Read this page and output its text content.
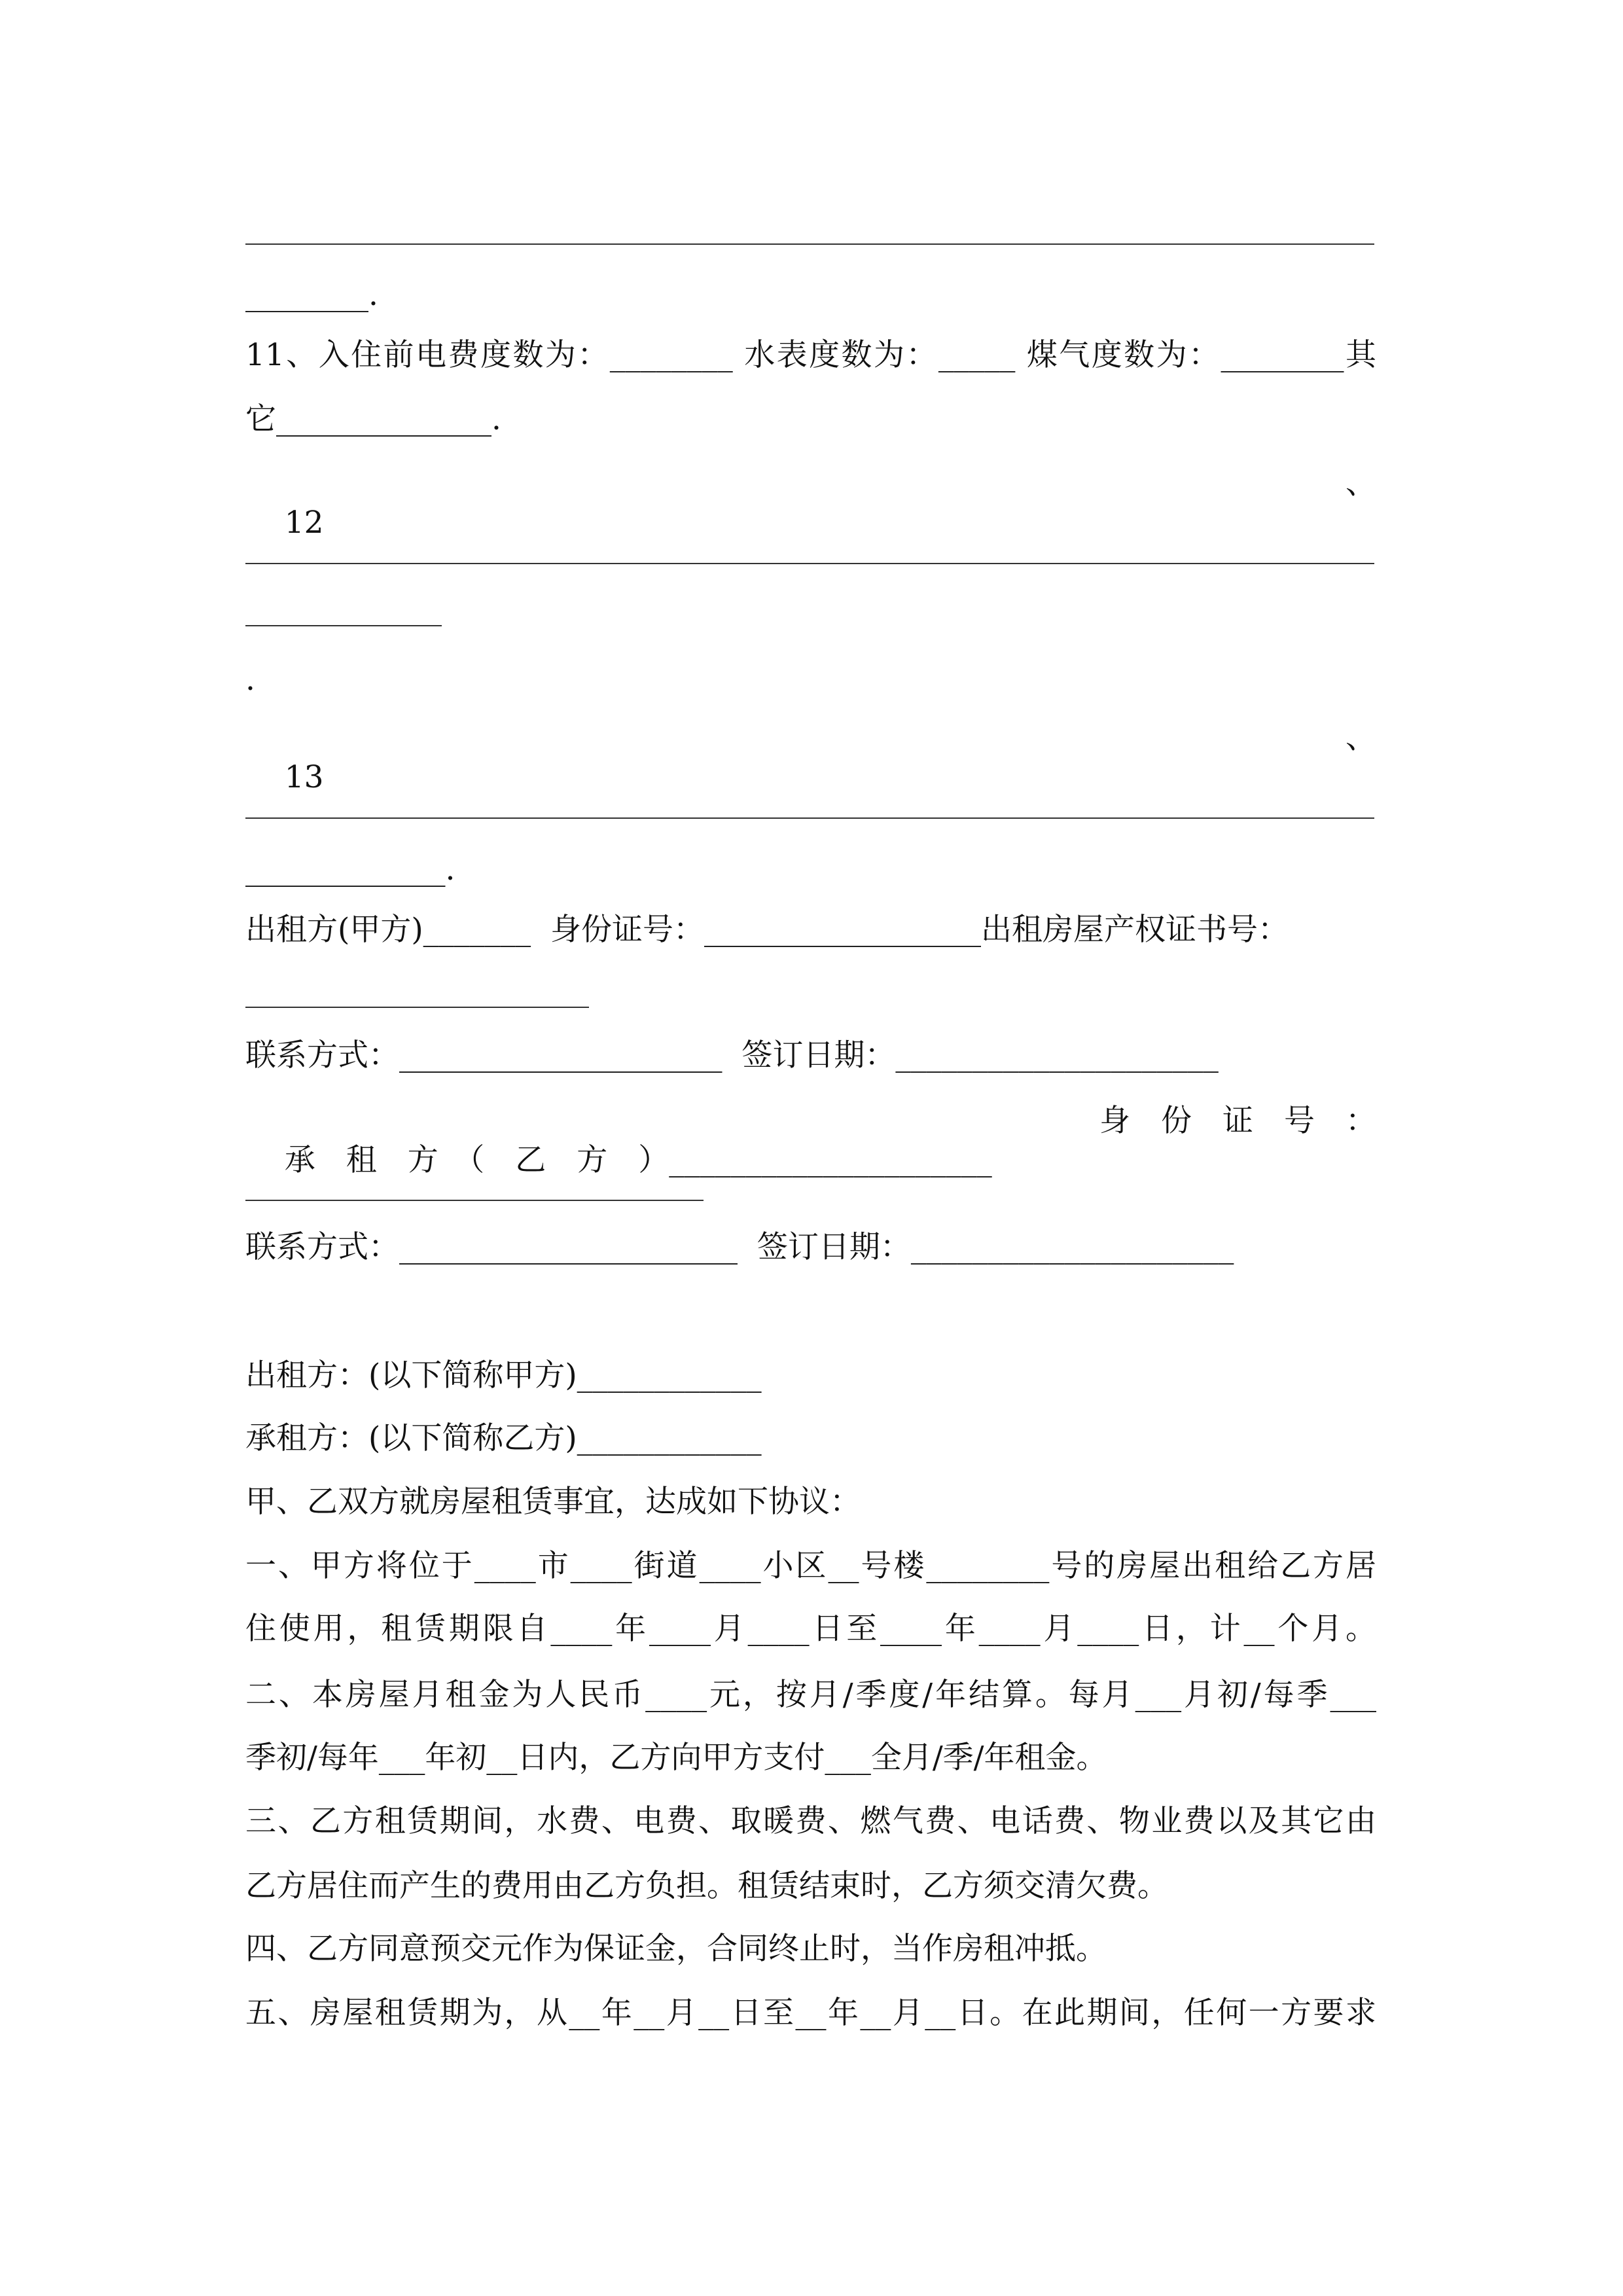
________.
11、入住前电费度数为：________ 水表度数为：_____ 煤气度数为：________其
它______________.

12

、

.

13

、

_____________.
出租方(甲方)_______  身份证号：__________________出租房屋产权证书号：
联系方式：_____________________  签订日期：_____________________

承　租　方　（　乙　方　）_____________________

身　份　证　号　：

联系方式：______________________  签订日期：_____________________
出租方：(以下简称甲方)____________
承租方：(以下简称乙方)____________
甲、乙双方就房屋租赁事宜，达成如下协议：
一、甲方将位于____市____街道____小区__号楼________号的房屋出租给乙方居
住使用，租赁期限自____年____月____日至____年____月____日，计__个月。
二、本房屋月租金为人民币____元，按月/季度/年结算。每月___月初/每季___
季初/每年___年初__日内，乙方向甲方支付___全月/季/年租金。
三、乙方租赁期间，水费、电费、取暖费、燃气费、电话费、物业费以及其它由
乙方居住而产生的费用由乙方负担。租赁结束时，乙方须交清欠费。
四、乙方同意预交元作为保证金，合同终止时，当作房租冲抵。
五、房屋租赁期为，从__年__月__日至__年__月__日。在此期间，任何一方要求
